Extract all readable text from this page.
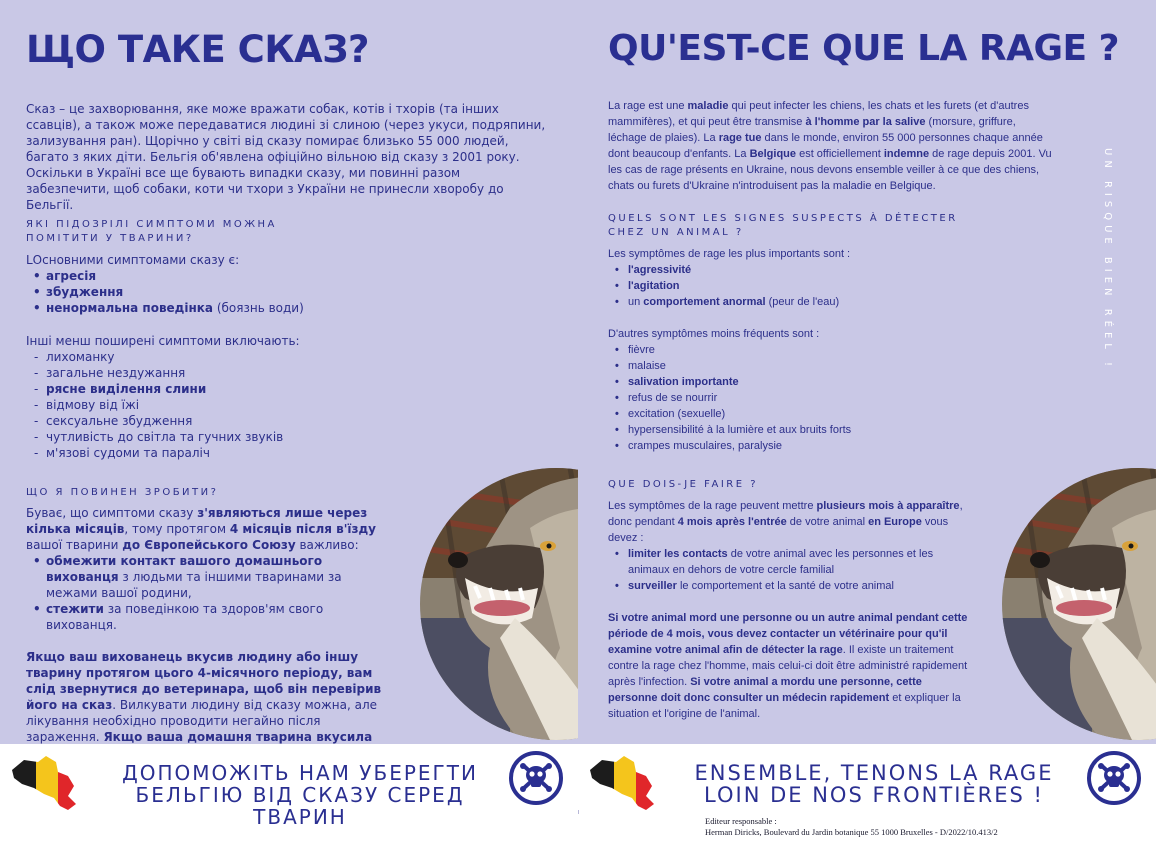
ЩО ТАКЕ СКАЗ?

Сказ – це захворювання, яке може вражати собак, котів і тхорів (та інших ссавців), а також може передаватися людині зі слиною (через укуси, подряпини, зализування ран). Щорічно у світі від сказу помирає близько 55 000 людей, багато з яких діти. Бельгія об'явлена офіційно вільною від сказу з 2001 року. Оскільки в Україні все ще бувають випадки сказу, ми повинні разом забезпечити, щоб собаки, коти чи тхори з України не принесли хворобу до Бельгії.

ЯКІ ПІДОЗРІЛІ СИМПТОМИ МОЖНА ПОМІТИТИ У ТВАРИНИ?

LОсновними симптомами сказу є:

• агресія
• збудження
• ненормальна поведінка (боязнь води)

Інші менш поширені симптоми включають:

- лихоманку
- загальне нездужання
- рясне виділення слини
- відмову від їжі
- сексуальне збудження
- чутливість до світла та гучних звуків
- м'язові судоми та параліч
ЩО Я ПОВИНЕН ЗРОБИТИ?

Буває, що симптоми сказу з'являються лише через кілька місяців, тому протягом 4 місяців після в'їзду вашої тварини до Європейського Союзу важливо:

• обмежити контакт вашого домашнього вихованця з людьми та іншими тваринами за межами вашої родини,
• стежити за поведінкою та здоров'ям свого вихованця.

Якщо ваш вихованець вкусив людину або іншу тварину протягом цього 4-місячного періоду, вам слід звернутися до ветеринара, щоб він перевірив його на сказ. Вилкувати людину від сказу можна, але лікування необхідно проводити негайно після зараження. Якщо ваша домашня тварина вкусила

QU'EST-CE QUE LA RAGE ?

La rage est une maladie qui peut infecter les chiens, les chats et les furets (et d'autres mammifères), et qui peut être transmise à l'homme par la salive (morsure, griffure, léchage de plaies). La rage tue dans le monde, environ 55 000 personnes chaque année dont beaucoup d'enfants. La Belgique est officiellement indemne de rage depuis 2001. Vu les cas de rage présents en Ukraine, nous devons ensemble veiller à ce que des chiens, chats ou furets d'Ukraine n'introduisent pas la maladie en Belgique.	UN RISQUE BIEN RÉEL !
QUELS SONT LES SIGNES SUSPECTS À DÉTECTER
CHEZ UN ANIMAL ?

Les symptômes de rage les plus importants sont :

• l'agressivité
• l'agitation
• un comportement anormal (peur de l'eau)

D'autres symptômes moins fréquents sont :

• fièvre
• malaise
• salivation importante
• refus de se nourrir
• excitation (sexuelle)
• hypersensibilité à la lumière et aux bruits forts
• crampes musculaires, paralysie
QUE DOIS-JE FAIRE ?

Les symptômes de la rage peuvent mettre plusieurs mois à apparaître, donc pendant 4 mois après l'entrée de votre animal en Europe vous devez :

• limiter les contacts de votre animal avec les personnes et les animaux en dehors de votre cercle familial
• surveiller le comportement et la santé de votre animal

Si votre animal mord une personne ou un autre animal pendant cette période de 4 mois, vous devez contacter un vétérinaire pour qu'il examine votre animal afin de détecter la rage. Il existe un traitement contre la rage chez l'homme, mais celui-ci doit être administré rapidement après l'infection. Si votre animal a mordu une personne, cette personne doit donc consulter un médecin rapidement et expliquer la situation et l'origine de l'animal.

ДОПОМОЖІТЬ НАМ УБЕРЕГТИ
БЕЛЬГІЮ ВІД СКАЗУ СЕРЕД ТВАРИН
ENSEMBLE, TENONS LA RAGE
LOIN DE NOS FRONTIÈRES !
Editeur responsable :
Herman Diricks, Boulevard du Jardin botanique 55 1000 Bruxelles - D/2022/10.413/2
